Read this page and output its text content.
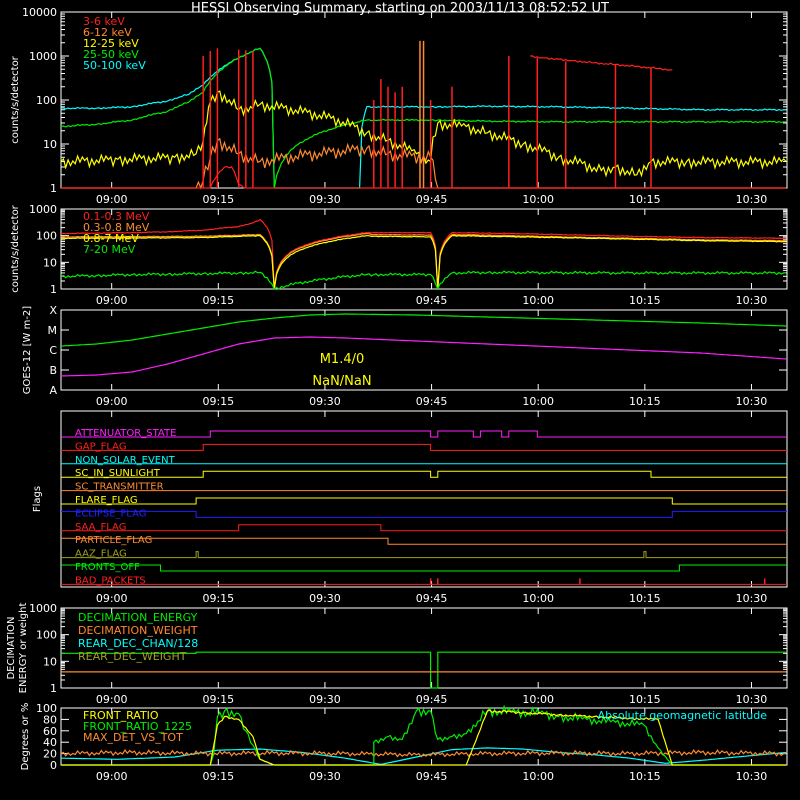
HESSI Observing Summary, starting on 2003/11/13 08:52:52 UT
09:00	09:15	09:30	09:45	10:00	10:15	10:30
1
10
100
1000
10000
counts/s/detector
3-6 keV
6-12 keV
12-25 keV
25-50 keV
50-100 keV
09:00	09:15	09:30	09:45	10:00	10:15	10:30
1
10
100
1000
counts/s/detector	0.1-0.3 MeV
0.3-0.8 MeV
0.8-7 MeV
7-20 MeV
09:00	09:15	09:30	09:45	10:00	10:15	10:30
A
B
C
M
X
GOES-12 [W m-2]	M1.4/0
NaN/NaN
09:00	09:15	09:30	09:45	10:00	10:15	10:30
Flags
ATTENUATOR_STATE
GAP_FLAG
NON_SOLAR_EVENT
SC_IN_SUNLIGHT
SC_TRANSMITTER
FLARE_FLAG
ECLIPSE_FLAG
SAA_FLAG
PARTICLE_FLAG
AAZ_FLAG
FRONTS_OFF
BAD_PACKETS
09:00	09:15	09:30	09:45	10:00	10:15	10:30
1
10
100
1000
DECIMATION ENERGY or weight	DECIMATION_ENERGY
DECIMATION_WEIGHT
REAR_DEC_CHAN/128
REAR_DEC_WEIGHT
09:00	09:15	09:30	09:45	10:00	10:15	10:30
0
20
40
60
80
100
Degrees or %	FRONT_RATIO
FRONT_RATIO_1225
MAX_DET_VS_TOT
Absolute geomagnetic latitude
